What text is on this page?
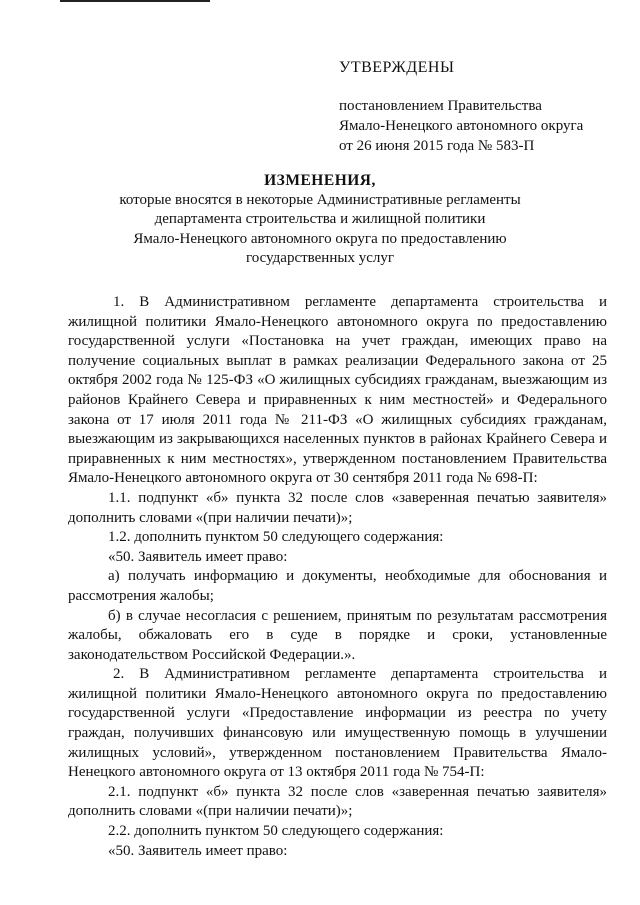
УТВЕРЖДЕНЫ
постановлением Правительства
Ямало-Ненецкого автономного округа
от 26 июня 2015 года № 583-П
ИЗМЕНЕНИЯ,
которые вносятся в некоторые Административные регламенты
департамента строительства и жилищной политики
Ямало-Ненецкого автономного округа по предоставлению
государственных услуг

1. В Административном регламенте департамента строительства и жилищной политики Ямало-Ненецкого автономного округа по предоставлению государственной услуги «Постановка на учет граждан, имеющих право на получение социальных выплат в рамках реализации Федерального закона от 25 октября 2002 года № 125-ФЗ «О жилищных субсидиях гражданам, выезжающим из районов Крайнего Севера и приравненных к ним местностей» и Федерального закона от 17 июля 2011 года № 211-ФЗ «О жилищных субсидиях гражданам, выезжающим из закрывающихся населенных пунктов в районах Крайнего Севера и приравненных к ним местностях», утвержденном постановлением Правительства Ямало-Ненецкого автономного округа от 30 сентября 2011 года № 698-П:

1.1. подпункт «б» пункта 32 после слов «заверенная печатью заявителя» дополнить словами «(при наличии печати)»;

1.2. дополнить пунктом 50 следующего содержания:

«50. Заявитель имеет право:

а) получать информацию и документы, необходимые для обоснования и рассмотрения жалобы;

б) в случае несогласия с решением, принятым по результатам рассмотрения жалобы, обжаловать его в суде в порядке и сроки, установленные законодательством Российской Федерации.».

2. В Административном регламенте департамента строительства и жилищной политики Ямало-Ненецкого автономного округа по предоставлению государственной услуги «Предоставление информации из реестра по учету граждан, получивших финансовую или имущественную помощь в улучшении жилищных условий», утвержденном постановлением Правительства Ямало-Ненецкого автономного округа от 13 октября 2011 года № 754-П:

2.1. подпункт «б» пункта 32 после слов «заверенная печатью заявителя» дополнить словами «(при наличии печати)»;

2.2. дополнить пунктом 50 следующего содержания:

«50. Заявитель имеет право:
